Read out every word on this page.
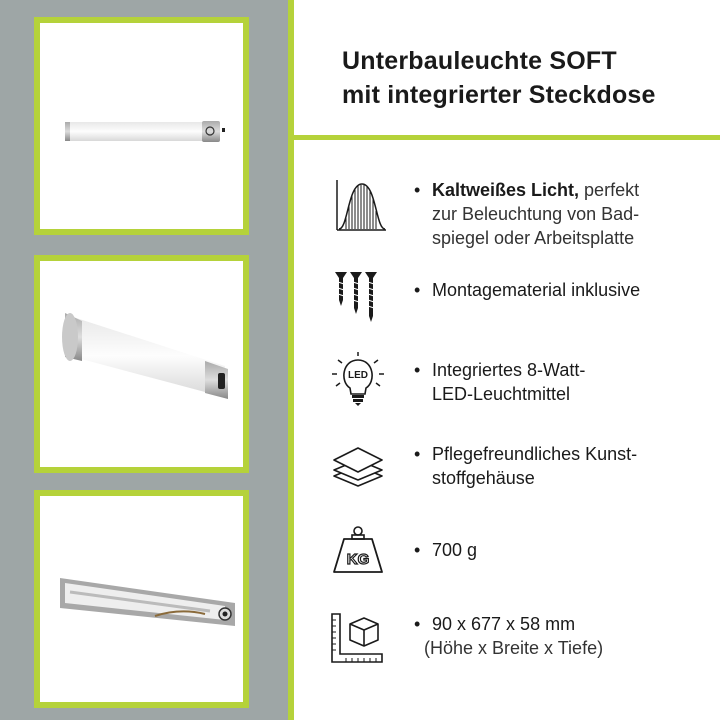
Unterbauleuchte SOFT
mit integrierter Steckdose
• Kaltweißes Licht, perfekt
zur Beleuchtung von Bad-
spiegel oder Arbeitsplatte
• Montagematerial inklusive
LED	• Integriertes 8-Watt-
LED-Leuchtmittel
• Pflegefreundliches Kunst-
stoffgehäuse
KG • 700 g
• 90 x 677 x 58 mm
(Höhe x Breite x Tiefe)
